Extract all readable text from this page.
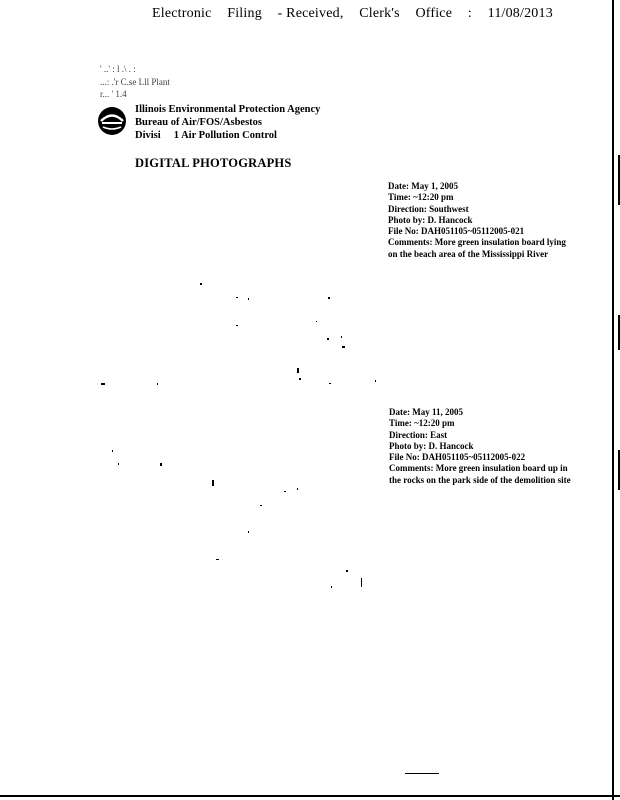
Electronic Filing - Received, Clerk's Office : 11/08/2013
' ..' : l .\ . :
...: .'r C.se Lll Plant
r... ' 1.4
Illinois Environmental Protection Agency
Bureau of Air/FOS/Asbestos
Divisi     1 Air Pollution Control
DIGITAL PHOTOGRAPHS
Date: May 1, 2005
Time: ~12:20 pm
Direction: Southwest
Photo by: D. Hancock
File No: DAH051105~05112005-021
Comments: More green insulation board lying
on the beach area of the Mississippi River
Date: May 11, 2005
Time: ~12:20 pm
Direction: East
Photo by: D. Hancock
File No: DAH051105~05112005-022
Comments: More green insulation board up in
the rocks on the park side of the demolition site
